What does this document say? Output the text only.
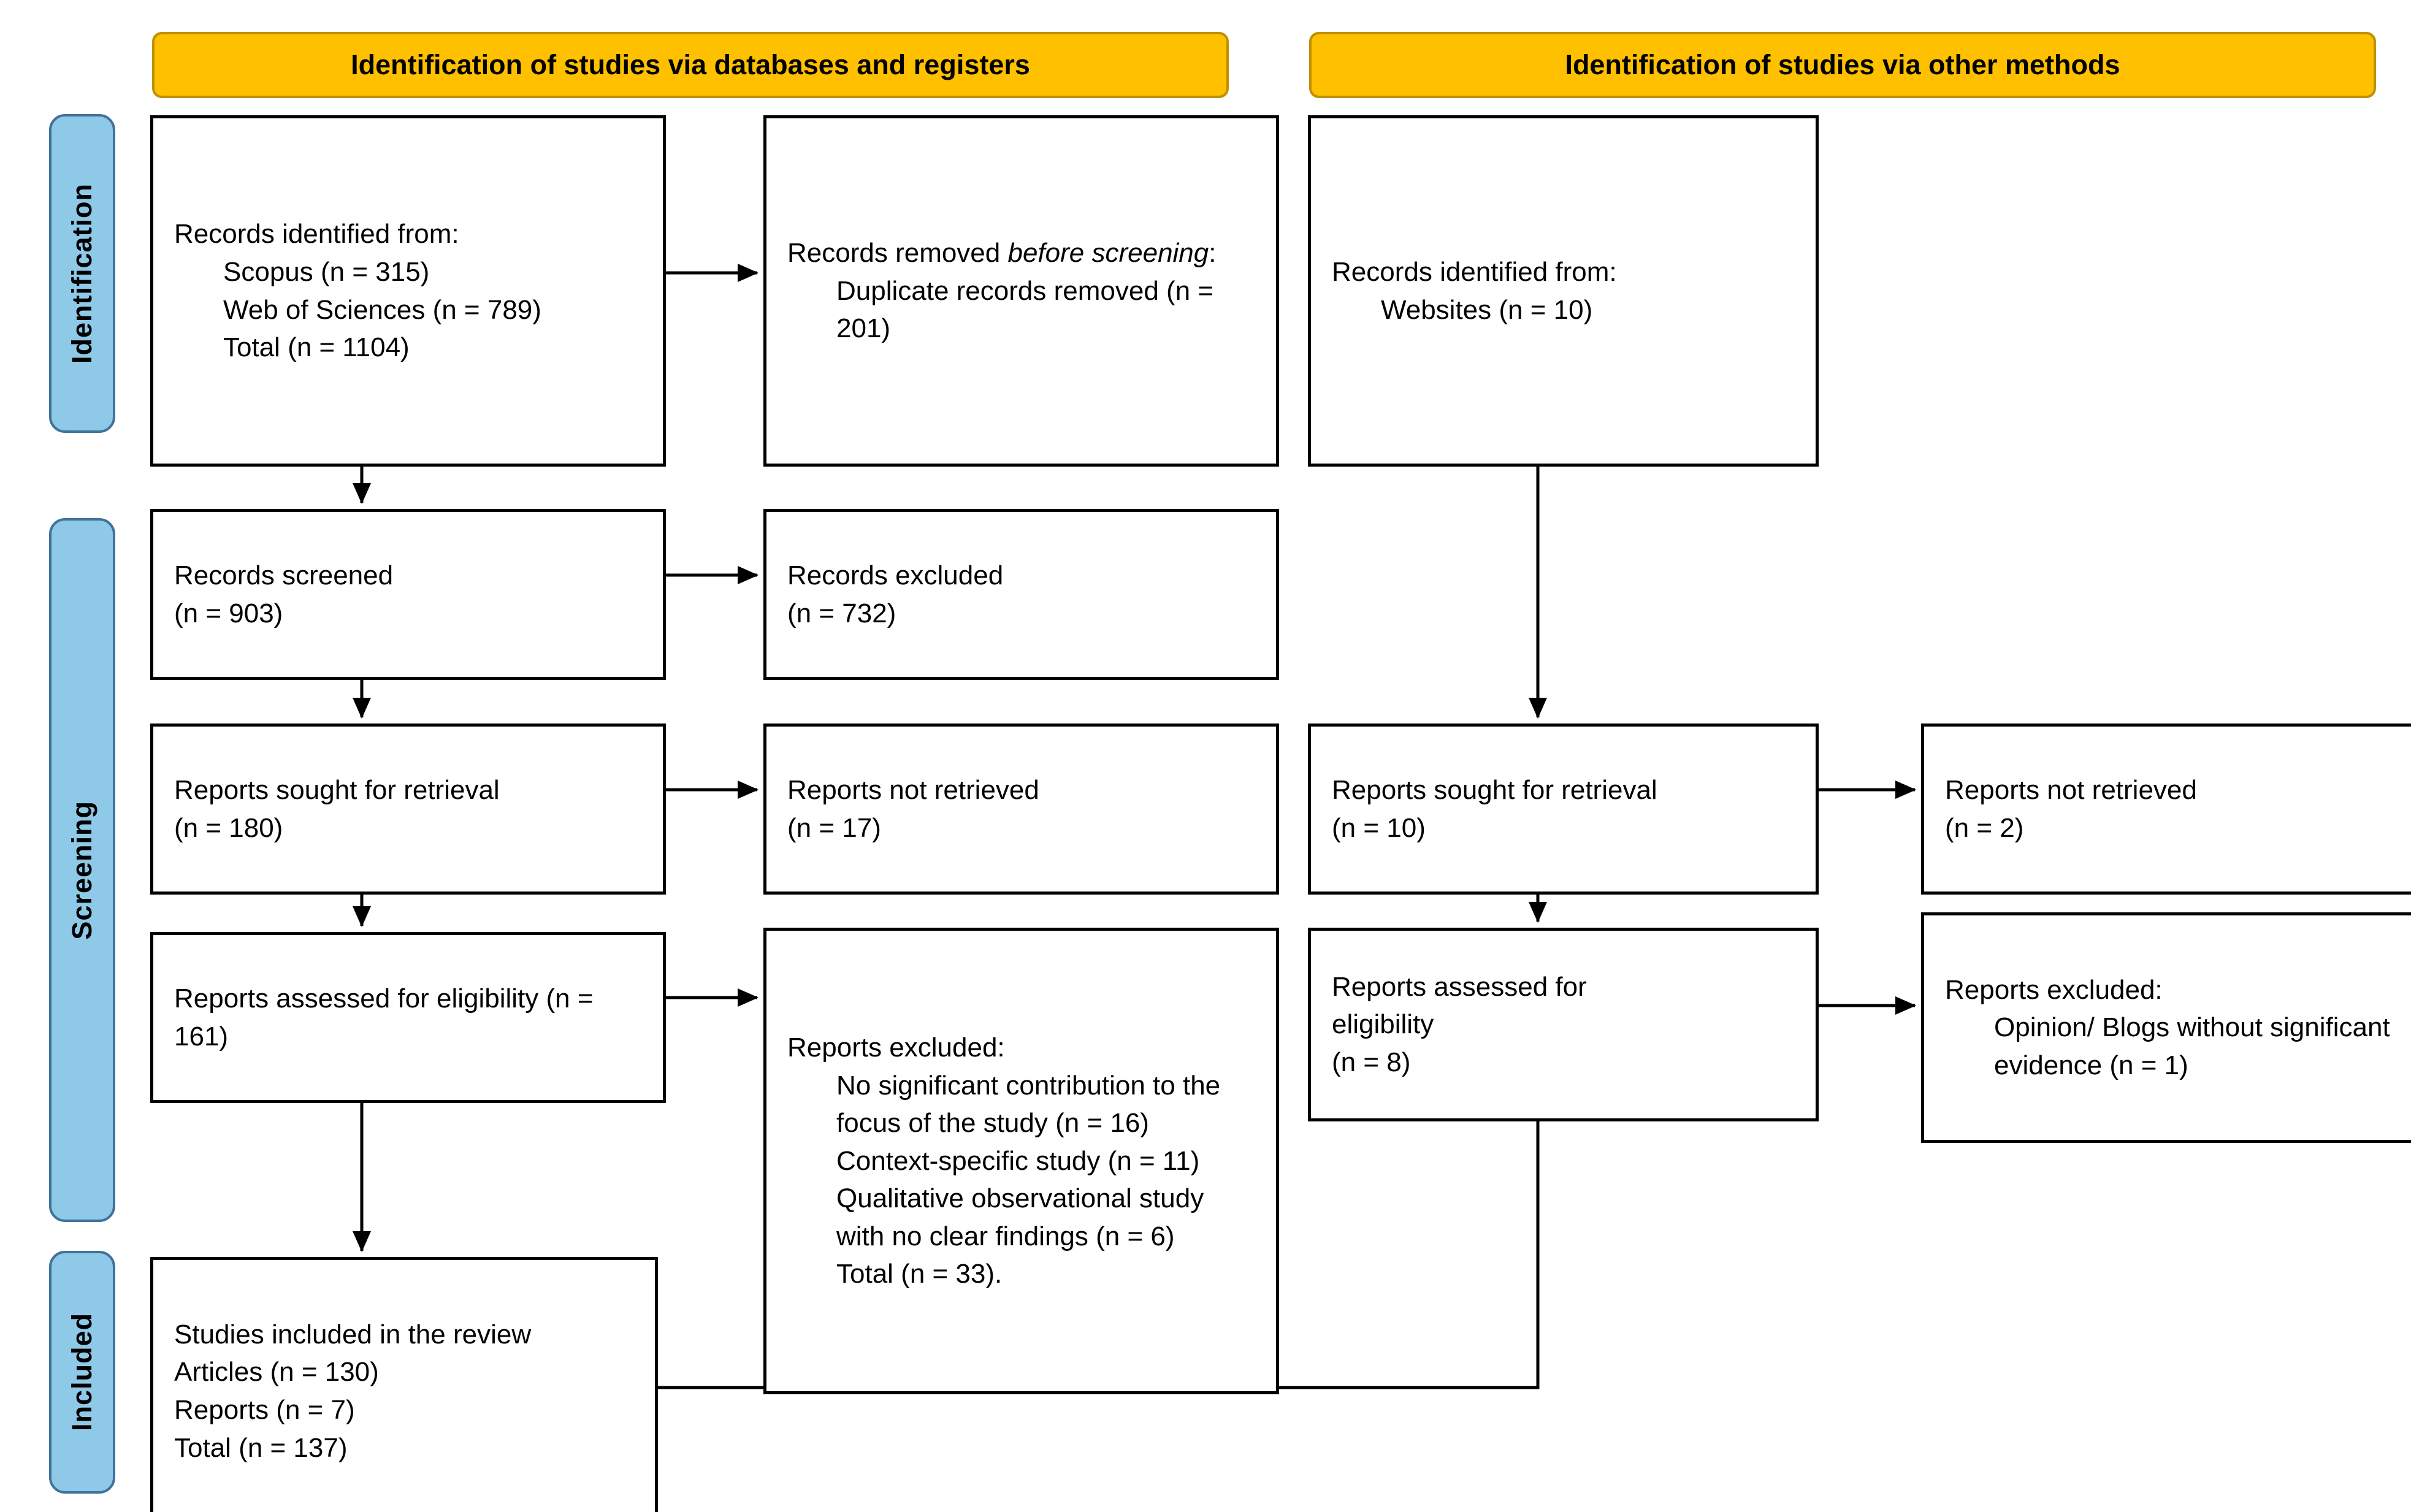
Identification of studies via databases and registers	Identification of studies via other methods
Identification
Screening
Included
Records identified from:
Scopus (n = 315)
Web of Sciences (n = 789)
Total (n = 1104)
Records removed before screening:
Duplicate records removed (n = 201)
Records screened
(n = 903)
Records excluded
(n = 732)
Reports sought for retrieval
(n = 180)
Reports not retrieved
(n = 17)
Reports assessed for eligibility (n = 161)	Reports excluded:
No significant contribution to the focus of the study (n = 16)
Context-specific study (n = 11)
Qualitative observational study with no clear findings (n = 6)
Total (n = 33).
Studies included in the review
Articles (n = 130)
Reports (n = 7)
Total (n = 137)
Records identified from:
Websites (n = 10)
Reports sought for retrieval
(n = 10)
Reports not retrieved
(n = 2)
Reports assessed for
eligibility
(n = 8)
Reports excluded:
Opinion/ Blogs without significant evidence (n = 1)
